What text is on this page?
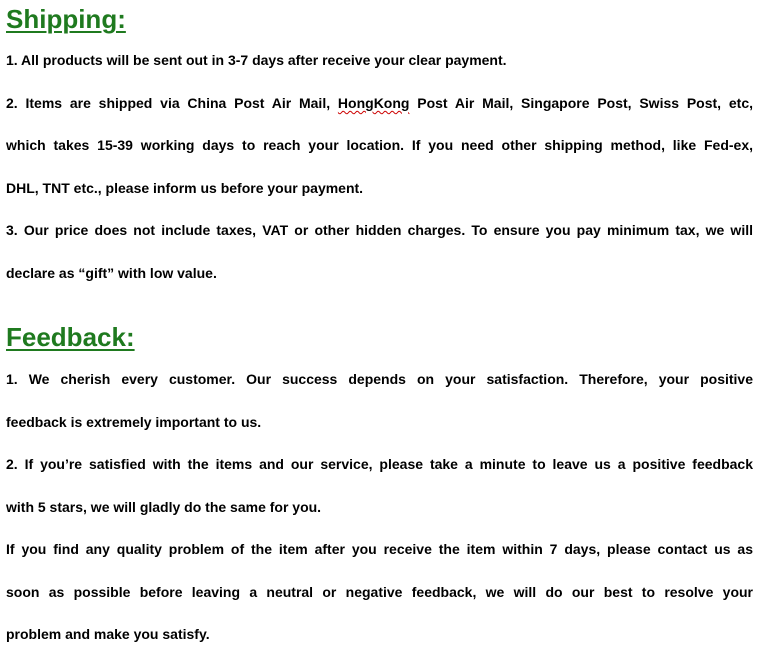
Shipping:

1. All products will be sent out in 3-7 days after receive your clear payment.

2. Items are shipped via China Post Air Mail, HongKong Post Air Mail, Singapore Post, Swiss Post, etc,

which takes 15-39 working days to reach your location. If you need other shipping method, like Fed-ex,

DHL, TNT etc., please inform us before your payment.

3. Our price does not include taxes, VAT or other hidden charges. To ensure you pay minimum tax, we will

declare as “gift” with low value.

Feedback:

1. We cherish every customer. Our success depends on your satisfaction. Therefore, your positive

feedback is extremely important to us.

2. If you’re satisfied with the items and our service, please take a minute to leave us a positive feedback

with 5 stars, we will gladly do the same for you.

If you find any quality problem of the item after you receive the item within 7 days, please contact us as

soon as possible before leaving a neutral or negative feedback, we will do our best to resolve your

problem and make you satisfy.
